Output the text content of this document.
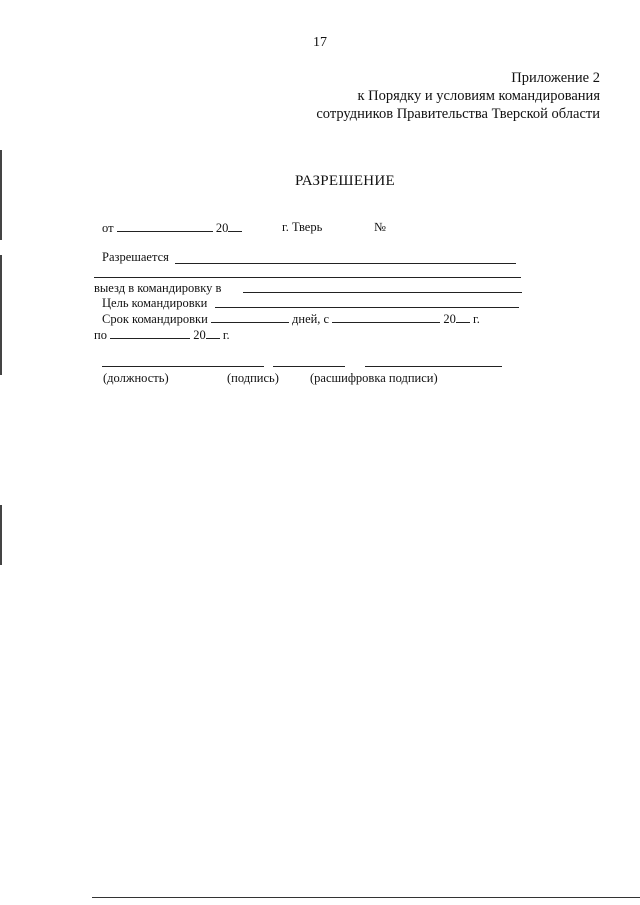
17
Приложение 2
к Порядку и условиям командирования
сотрудников Правительства Тверской области
РАЗРЕШЕНИЕ
от	20	г. Тверь	№
Разрешается
выезд в командировку в
Цель командировки
Срок командировки	дней, с	20 г.
по	20 г.
(должность)	(подпись) (расшифровка подписи)
